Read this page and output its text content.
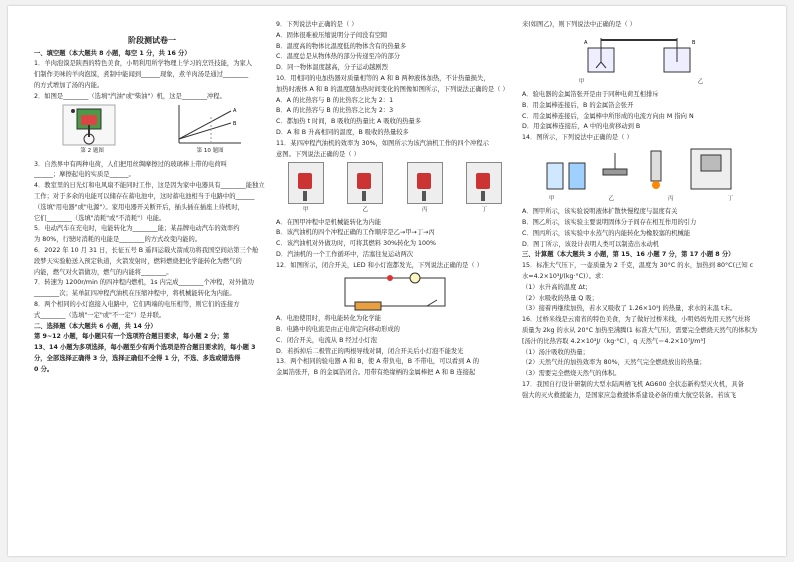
阶段测试卷一

一、填空题（本大题共 8 小题，每空 1 分，共 16 分）

1．羊肉泡馍是陕西的特色美食，小明利用所学物理上学习的烹饪技能，为家人

们制作美味的羊肉泡馍，煮制中能闻到______现象，煮羊肉汤是通过________

的方式增加了汤的内能。

2．如图是________（选填"汽油"或"柴油"）机，这是________冲程。

A
B
第 2 题图	第 10 题图

3．自然界中有两种电荷，人们把用丝绸摩擦过的玻璃棒上带的电荷叫

______；摩擦起电的实质是______。

4．教室里的日光灯和电风扇不能同时工作，这是因为家中电器具有________能独立

工作；对于多余的电能可以储存在蓄电池中，这时蓄电池相当于电路中的______

（选填"用电器"或"电源"）。家用电器开关断开后，插头插在插座上待机时，

它们________（选填"消耗"或"不消耗"）电能。

5．电动汽车在充电时，电能转化为________能；某品牌电动汽车的效率约

为 80%，行驶时消耗的电能是________的方式改变内能的。

6．2022 年 10 月 31 日，长征五号 B 遥四运载火箭成功将我国空间站第三个舱

段梦天实验舱送入预定轨道，火箭发射时，燃料燃烧把化学能转化为燃气的

内能，燃气对火箭做功，燃气的内能将________。

7．转速为 1200r/min 的四冲程内燃机，1s 内完成________个冲程，对外做功

________次；某单缸四冲程汽油机在压缩冲程中，将机械能转化为内能。

8．两个相同的小灯泡接入电路中，它们两端的电压相等，则它们的连接方

式________（选填"一定"或"不一定"）是并联。

二、选择题（本大题共 6 小题，共 14 分）

第 9~12 小题，每小题只有一个选项符合题目要求，每小题 2 分；第

13、14 小题为多项选择，每小题至少有两个选项是符合题目要求的，每小题 3

分，全部选择正确得 3 分，选择正确但不全得 1 分，不选、多选或错选得

0 分。

9．下列说法中正确的是（ ）

A．固体很难被压缩说明分子间没有空隙

B．温度高的物体比温度低的物体含有的热量多

C．温度总是从物体热的部分传递至冷的部分

D．同一物体温度越高，分子运动越剧烈

10．用相同的电加热器对质量相等的 A 和 B 两种液体加热，不计热量损失，

加热时液体 A 和 B 的温度随加热时间变化的图像如图所示，下列说法正确的是（ ）

A．A 的比热容与 B 的比热容之比为 2：1

B．A 的比热容与 B 的比热容之比为 2：3

C．都加热 t 时间，B 吸收的热量比 A 吸收的热量多

D．A 和 B 升高相同的温度，B 吸收的热量较多

11．某四冲程汽油机的效率为 30%，如图所示为该汽油机工作的四个冲程示

意图。下列说法正确的是（ ）

甲	乙	丙	丁

A．在图甲冲程中是机械能转化为内能

B．该汽油机的四个冲程正确的工作顺序是乙→甲→丁→丙

C．该汽油机对外做功时，可将其燃料 30%转化为 100%

D．汽油机的一个工作循环中，活塞往复运动两次

12．如图所示，闭合开关，LED 和小灯泡都发光，下列说法正确的是（ ）

A．电池使用时，将电能转化为化学能

B．电路中的电流是由正电荷定向移动形成的

C．闭合开关，电流从 B 经过小灯泡

D．若拆掉后二极管正的两根导线对调，闭合开关后小灯泡不能发光

13．两个相同的验电器 A 和 B，使 A 带负电，B 不带电，可以看到 A 的

金属箔张开，B 的金属箔闭合。用带有绝缘柄的金属棒把 A 和 B 连接起

来(如图乙)，则下列说法中正确的是（ ）

A	B
甲	乙

A．验电器的金属箔张开是由于同种电荷互相排斥

B．用金属棒连接后，B 的金属箔会张开

C．用金属棒连接后，金属棒中所形成的电流方向由 M 指向 N

D．用金属棒连接后，A 中的电荷移动到 B

14．图所示，下列说法中正确的是（ ）

甲	乙	丙	丁

A．图甲所示，该实验说明液体扩散快慢程度与温度有关

B．图乙所示，该实验主要说明固体分子间存在相互作用的引力

C．图丙所示，该实验中水蒸气的内能转化为橡胶塞的机械能

D．图丁所示，该设计表明人类可以制造出永动机

三、计算题（本大题共 3 小题，第 15、16 小题 7 分，第 17 小题 8 分）

15．标准大气压下，一壶质量为 2 千克，温度为 30°C 的水，加热到 80°C(已知 c

水=4.2×10³J/(kg·°C)）。求：

（1）水升高的温度 Δt；

（2）水吸收的热量 Q 吸；

（3）接着再继续加热，若水又吸收了 1.26×10⁵J 的热量，求水的末温 t末。

16．过桥米线是云南省的特色美食，为了做好过桥米线，小明妈妈先用天然气灶将

质量为 2kg 的水从 20°C 加热至沸腾(1 标准大气压)，需要完全燃烧天然气的体积为

[汤汁的比热容取 4.2×10³J/（kg·°C），q 天然气＝4.2×10⁷J/m³]

（1）汤汁吸收的热量；

（2）天然气灶的加热效率为 80%，天然气完全燃烧放出的热量；

（3）需要完全燃烧天然气的体积。

17．我国自行设计研制的大型水陆两栖飞机 AG600 全状态新构型灭火机，具备

强大的灭火救援能力，是国家应急救援体系建设必备的重大航空装备。若该飞
